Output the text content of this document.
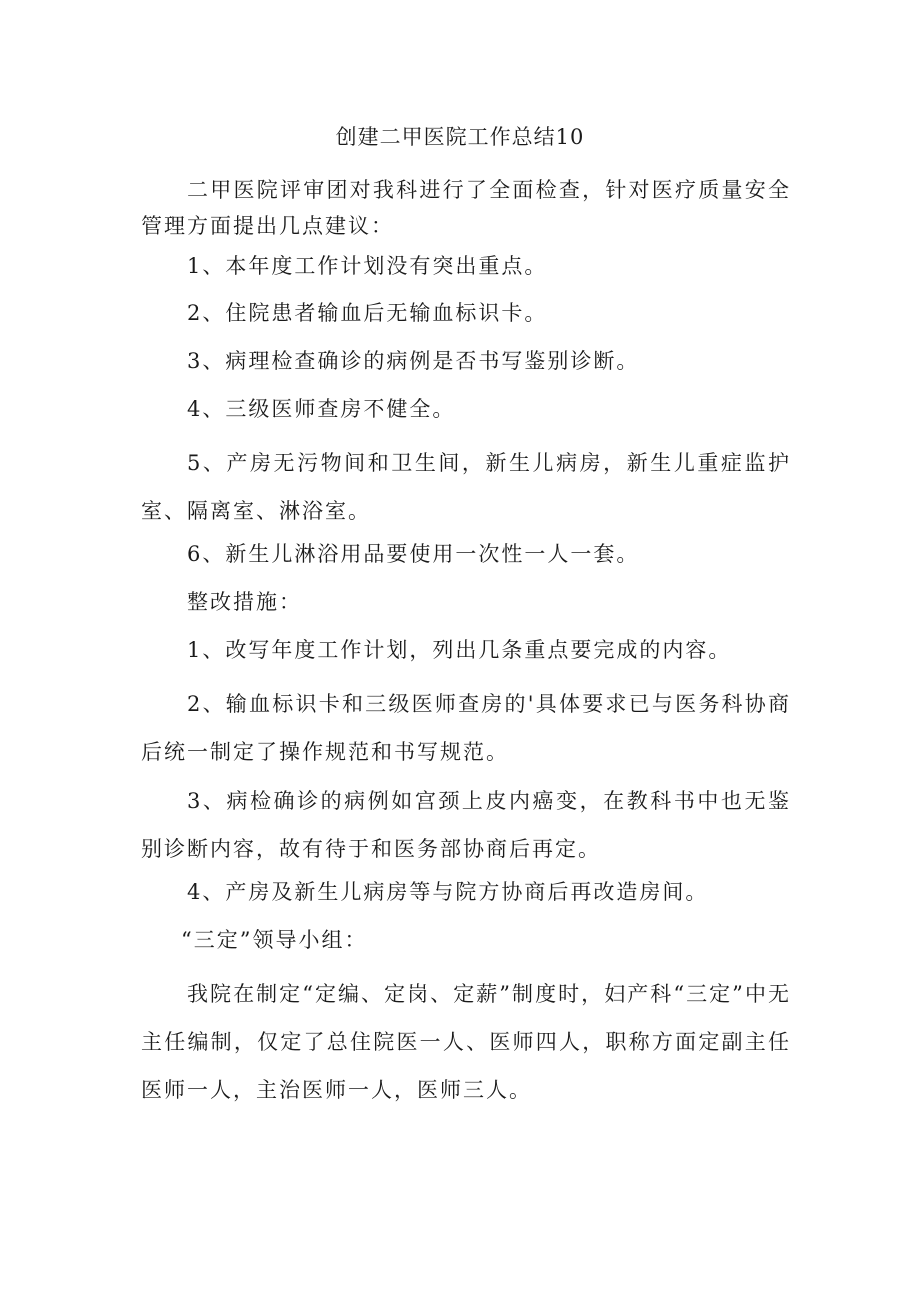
创建二甲医院工作总结10

二甲医院评审团对我科进行了全面检查，针对医疗质量安全管理方面提出几点建议：

1、本年度工作计划没有突出重点。

2、住院患者输血后无输血标识卡。

3、病理检查确诊的病例是否书写鉴别诊断。

4、三级医师查房不健全。

5、产房无污物间和卫生间，新生儿病房，新生儿重症监护室、隔离室、淋浴室。

6、新生儿淋浴用品要使用一次性一人一套。

整改措施：

1、改写年度工作计划，列出几条重点要完成的内容。

2、输血标识卡和三级医师查房的'具体要求已与医务科协商后统一制定了操作规范和书写规范。

3、病检确诊的病例如宫颈上皮内癌变，在教科书中也无鉴别诊断内容，故有待于和医务部协商后再定。

4、产房及新生儿病房等与院方协商后再改造房间。

“三定”领导小组：

我院在制定“定编、定岗、定薪”制度时，妇产科“三定”中无主任编制，仅定了总住院医一人、医师四人，职称方面定副主任医师一人，主治医师一人，医师三人。
